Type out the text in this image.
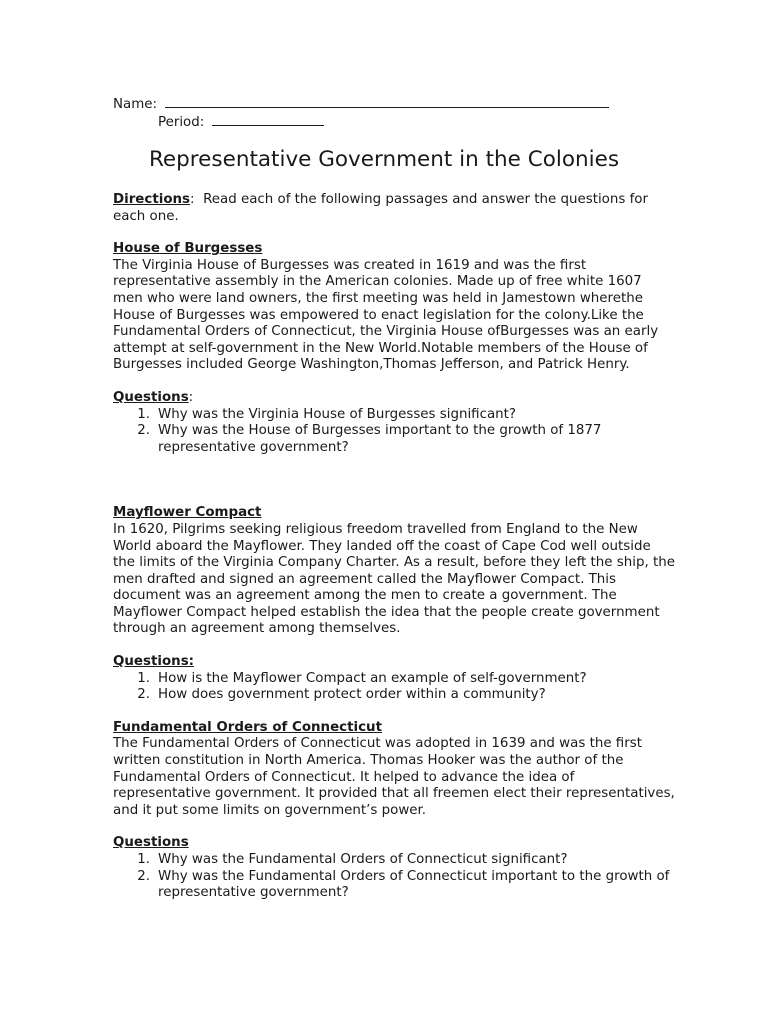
Name:
Period:
Representative Government in the Colonies

Directions: Read each of the following passages and answer the questions for each one.

House of Burgesses

The Virginia House of Burgesses was created in 1619 and was the first representative assembly in the American colonies. Made up of free white 1607 men who were land owners, the first meeting was held in Jamestown wherethe House of Burgesses was empowered to enact legislation for the colony.Like the Fundamental Orders of Connecticut, the Virginia House ofBurgesses was an early attempt at self-government in the New World.Notable members of the House of Burgesses included George Washington,Thomas Jefferson, and Patrick Henry.

Questions:

1. Why was the Virginia House of Burgesses significant?
2. Why was the House of Burgesses important to the growth of 1877 representative government?

Mayflower Compact

In 1620, Pilgrims seeking religious freedom travelled from England to the New World aboard the Mayflower. They landed off the coast of Cape Cod well outside the limits of the Virginia Company Charter. As a result, before they left the ship, the men drafted and signed an agreement called the Mayflower Compact. This document was an agreement among the men to create a government. The Mayflower Compact helped establish the idea that the people create government through an agreement among themselves.

Questions:

1. How is the Mayflower Compact an example of self-government?
2. How does government protect order within a community?

Fundamental Orders of Connecticut

The Fundamental Orders of Connecticut was adopted in 1639 and was the first written constitution in North America. Thomas Hooker was the author of the Fundamental Orders of Connecticut. It helped to advance the idea of representative government. It provided that all freemen elect their representatives, and it put some limits on government’s power.

Questions

1. Why was the Fundamental Orders of Connecticut significant?
2. Why was the Fundamental Orders of Connecticut important to the growth of representative government?
